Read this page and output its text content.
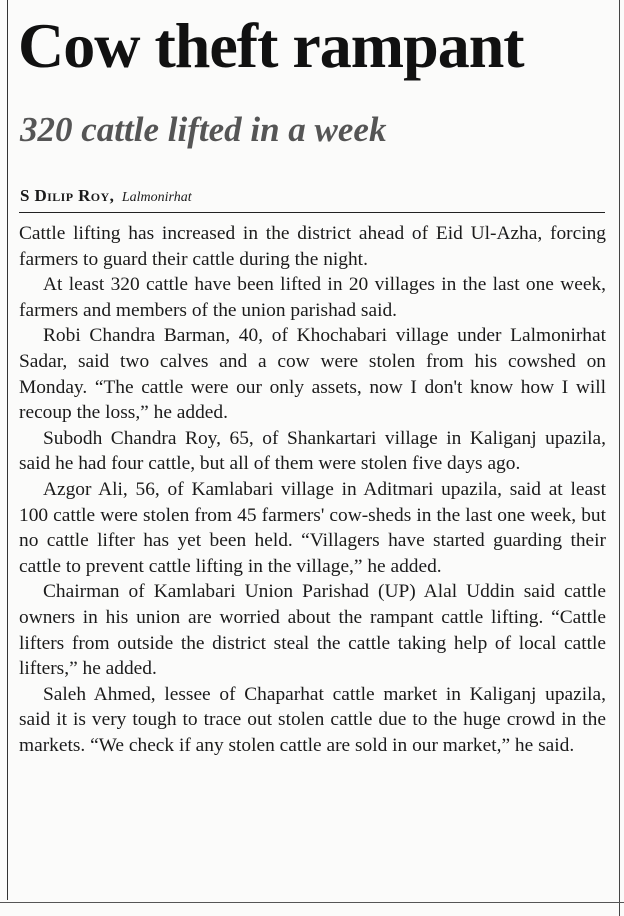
Cow theft rampant
320 cattle lifted in a week
S Dilip Roy, Lalmonirhat

Cattle lifting has increased in the district ahead of Eid Ul-Azha, forcing farmers to guard their cattle during the night.

At least 320 cattle have been lifted in 20 villages in the last one week, farmers and members of the union parishad said.

Robi Chandra Barman, 40, of Khochabari village under Lalmonirhat Sadar, said two calves and a cow were stolen from his cowshed on Monday. “The cattle were our only assets, now I don't know how I will recoup the loss,” he added.

Subodh Chandra Roy, 65, of Shankartari village in Kaliganj upazila, said he had four cattle, but all of them were stolen five days ago.

Azgor Ali, 56, of Kamlabari village in Aditmari upazila, said at least 100 cattle were stolen from 45 farmers' cow-sheds in the last one week, but no cattle lifter has yet been held. “Villagers have started guarding their cattle to prevent cattle lifting in the village,” he added.

Chairman of Kamlabari Union Parishad (UP) Alal Uddin said cattle owners in his union are worried about the rampant cattle lifting. “Cattle lifters from outside the district steal the cattle taking help of local cattle lifters,” he added.

Saleh Ahmed, lessee of Chaparhat cattle market in Kaliganj upazila, said it is very tough to trace out stolen cattle due to the huge crowd in the markets. “We check if any stolen cattle are sold in our market,” he said.
